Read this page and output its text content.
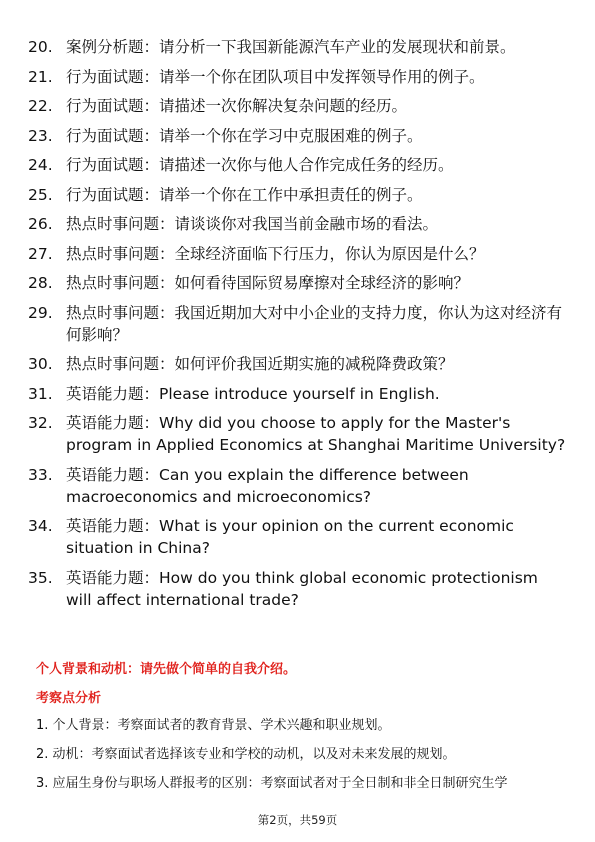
20. 案例分析题：请分析一下我国新能源汽车产业的发展现状和前景。
21. 行为面试题：请举一个你在团队项目中发挥领导作用的例子。
22. 行为面试题：请描述一次你解决复杂问题的经历。
23. 行为面试题：请举一个你在学习中克服困难的例子。
24. 行为面试题：请描述一次你与他人合作完成任务的经历。
25. 行为面试题：请举一个你在工作中承担责任的例子。
26. 热点时事问题：请谈谈你对我国当前金融市场的看法。
27. 热点时事问题：全球经济面临下行压力，你认为原因是什么？
28. 热点时事问题：如何看待国际贸易摩擦对全球经济的影响？
29. 热点时事问题：我国近期加大对中小企业的支持力度，你认为这对经济有何影响？
30. 热点时事问题：如何评价我国近期实施的减税降费政策？
31. 英语能力题：Please introduce yourself in English.
32. 英语能力题：Why did you choose to apply for the Master's program in Applied Economics at Shanghai Maritime University?
33. 英语能力题：Can you explain the difference between macroeconomics and microeconomics?
34. 英语能力题：What is your opinion on the current economic situation in China?
35. 英语能力题：How do you think global economic protectionism will affect international trade?
个人背景和动机：请先做个简单的自我介绍。
考察点分析
1. 个人背景：考察面试者的教育背景、学术兴趣和职业规划。
2. 动机：考察面试者选择该专业和学校的动机，以及对未来发展的规划。
3. 应届生身份与职场人群报考的区别：考察面试者对于全日制和非全日制研究生学
第2页，共59页
